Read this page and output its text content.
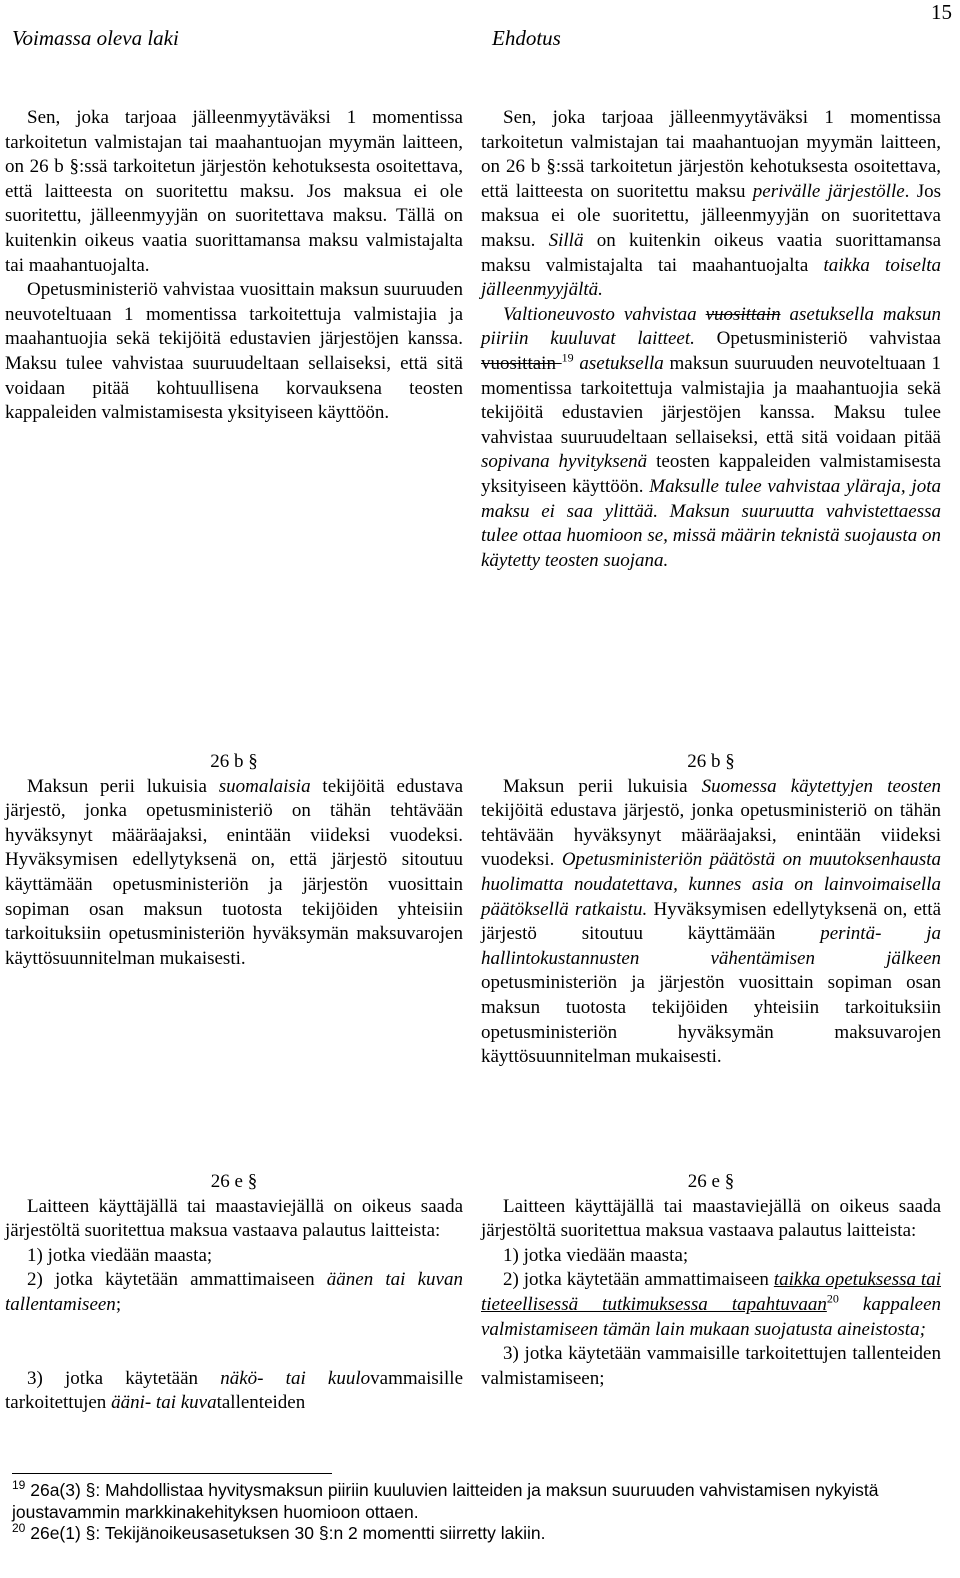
15
Voimassa oleva laki	Ehdotus

Sen, joka tarjoaa jälleenmyytäväksi 1 momentissa tarkoitetun valmistajan tai maahantuojan myymän laitteen, on 26 b §:ssä tarkoitetun järjestön kehotuksesta osoitettava, että laitteesta on suoritettu maksu. Jos maksua ei ole suoritettu, jälleenmyyjän on suoritettava maksu. Tällä on kuitenkin oikeus vaatia suorittamansa maksu valmistajalta tai maahantuojalta.

Opetusministeriö vahvistaa vuosittain maksun suuruuden neuvoteltuaan 1 momentissa tarkoitettuja valmistajia ja maahantuojia sekä tekijöitä edustavien järjestöjen kanssa. Maksu tulee vahvistaa suuruudeltaan sellaiseksi, että sitä voidaan pitää kohtuullisena korvauksena teosten kappaleiden valmistamisesta yksityiseen käyttöön.

Sen, joka tarjoaa jälleenmyytäväksi 1 momentissa tarkoitetun valmistajan tai maahantuojan myymän laitteen, on 26 b §:ssä tarkoitetun järjestön kehotuksesta osoitettava, että laitteesta on suoritettu maksu perivälle järjestölle. Jos maksua ei ole suoritettu, jälleenmyyjän on suoritettava maksu. Sillä on kuitenkin oikeus vaatia suorittamansa maksu valmistajalta tai maahantuojalta taikka toiselta jälleenmyyjältä.

Valtioneuvosto vahvistaa vuosittain asetuksella maksun piiriin kuuluvat laitteet. Opetusministeriö vahvistaa vuosittain $^{19}$ asetuksella maksun suuruuden neuvoteltuaan 1 momentissa tarkoitettuja valmistajia ja maahantuojia sekä tekijöitä edustavien järjestöjen kanssa. Maksu tulee vahvistaa suuruudeltaan sellaiseksi, että sitä voidaan pitää sopivana hyvityksenä teosten kappaleiden valmistamisesta yksityiseen käyttöön. Maksulle tulee vahvistaa yläraja, jota maksu ei saa ylittää. Maksun suuruutta vahvistettaessa tulee ottaa huomioon se, missä määrin teknistä suojausta on käytetty teosten suojana.

26 b §

Maksun perii lukuisia suomalaisia tekijöitä edustava järjestö, jonka opetusministeriö on tähän tehtävään hyväksynyt määräajaksi, enintään viideksi vuodeksi. Hyväksymisen edellytyksenä on, että järjestö sitoutuu käyttämään opetusministeriön ja järjestön vuosittain sopiman osan maksun tuotosta tekijöiden yhteisiin tarkoituksiin opetusministeriön hyväksymän maksuvarojen käyttösuunnitelman mukaisesti.

26 b §

Maksun perii lukuisia Suomessa käytettyjen teosten tekijöitä edustava järjestö, jonka opetusministeriö on tähän tehtävään hyväksynyt määräajaksi, enintään viideksi vuodeksi. Opetusministeriön päätöstä on muutoksenhausta huolimatta noudatettava, kunnes asia on lainvoimaisella päätöksellä ratkaistu. Hyväksymisen edellytyksenä on, että järjestö sitoutuu käyttämään perintä- ja hallintokustannusten vähentämisen jälkeen opetusministeriön ja järjestön vuosittain sopiman osan maksun tuotosta tekijöiden yhteisiin tarkoituksiin opetusministeriön hyväksymän maksuvarojen käyttösuunnitelman mukaisesti.

26 e §

Laitteen käyttäjällä tai maastaviejällä on oikeus saada järjestöltä suoritettua maksua vastaava palautus laitteista:

1) jotka viedään maasta;

2) jotka käytetään ammattimaiseen äänen tai kuvan tallentamiseen;

3) jotka käytetään näkö- tai kuulovammaisille tarkoitettujen ääni- tai kuvatallenteiden

26 e §

Laitteen käyttäjällä tai maastaviejällä on oikeus saada järjestöltä suoritettua maksua vastaava palautus laitteista:

1) jotka viedään maasta;

2) jotka käytetään ammattimaiseen taikka opetuksessa tai tieteellisessä tutkimuksessa tapahtuvaan$^{20}$ kappaleen valmistamiseen tämän lain mukaan suojatusta aineistosta;

3) jotka käytetään vammaisille tarkoitettujen tallenteiden valmistamiseen;

$^{19}$ 26a(3) §: Mahdollistaa hyvitysmaksun piiriin kuuluvien laitteiden ja maksun suuruuden vahvistamisen nykyistä joustavammin markkinakehityksen huomioon ottaen.

$^{20}$ 26e(1) §: Tekijänoikeusasetuksen 30 §:n 2 momentti siirretty lakiin.
